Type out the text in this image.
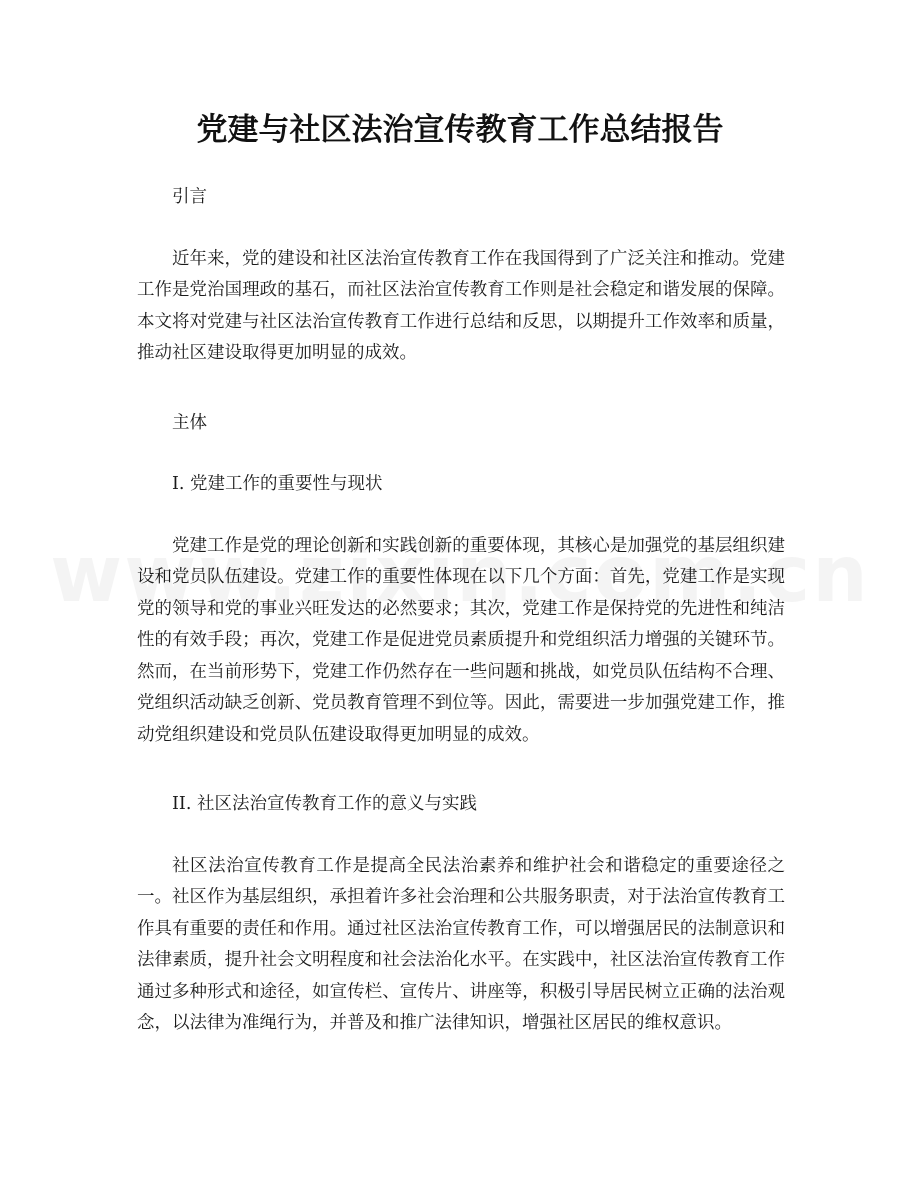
党建与社区法治宣传教育工作总结报告

引言

近年来，党的建设和社区法治宣传教育工作在我国得到了广泛关注和推动。党建工作是党治国理政的基石，而社区法治宣传教育工作则是社会稳定和谐发展的保障。本文将对党建与社区法治宣传教育工作进行总结和反思，以期提升工作效率和质量，推动社区建设取得更加明显的成效。

主体

I. 党建工作的重要性与现状

党建工作是党的理论创新和实践创新的重要体现，其核心是加强党的基层组织建设和党员队伍建设。党建工作的重要性体现在以下几个方面：首先，党建工作是实现党的领导和党的事业兴旺发达的必然要求；其次，党建工作是保持党的先进性和纯洁性的有效手段；再次，党建工作是促进党员素质提升和党组织活力增强的关键环节。然而，在当前形势下，党建工作仍然存在一些问题和挑战，如党员队伍结构不合理、党组织活动缺乏创新、党员教育管理不到位等。因此，需要进一步加强党建工作，推动党组织建设和党员队伍建设取得更加明显的成效。

II. 社区法治宣传教育工作的意义与实践

社区法治宣传教育工作是提高全民法治素养和维护社会和谐稳定的重要途径之一。社区作为基层组织，承担着许多社会治理和公共服务职责，对于法治宣传教育工作具有重要的责任和作用。通过社区法治宣传教育工作，可以增强居民的法制意识和法律素质，提升社会文明程度和社会法治化水平。在实践中，社区法治宣传教育工作通过多种形式和途径，如宣传栏、宣传片、讲座等，积极引导居民树立正确的法治观念，以法律为准绳行为，并普及和推广法律知识，增强社区居民的维权意识。
